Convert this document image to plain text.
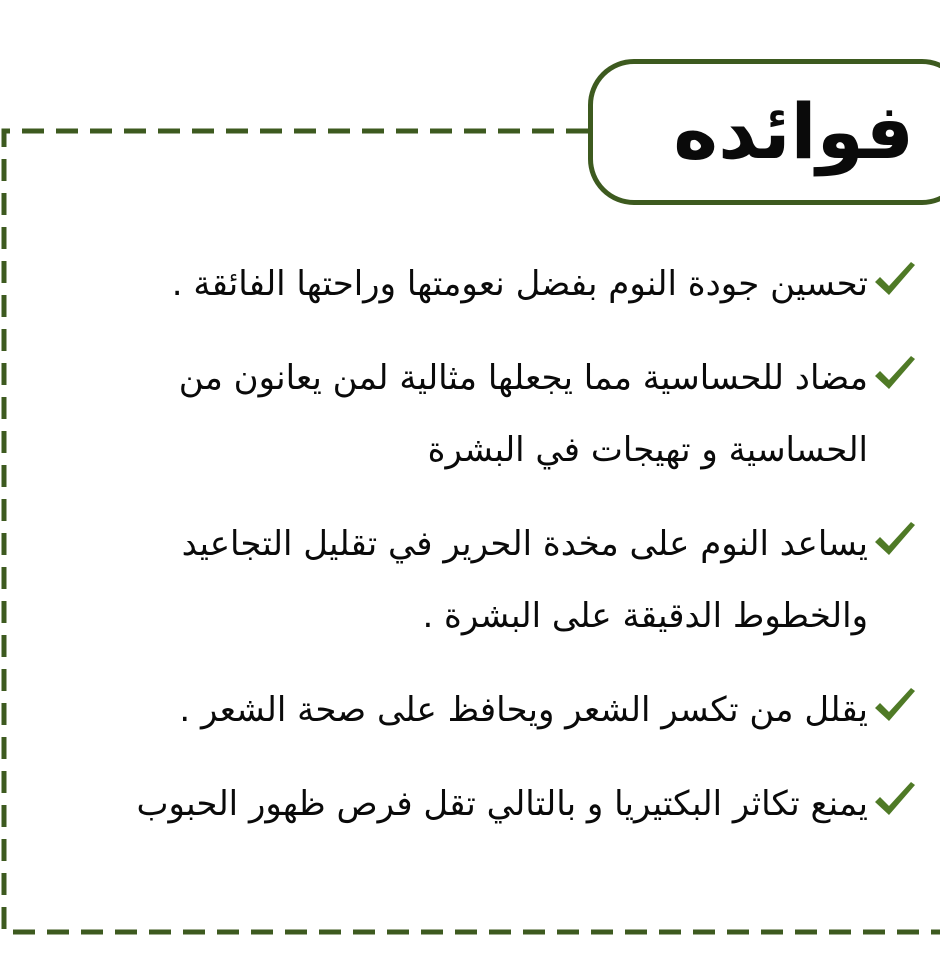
فوائده
تحسين جودة النوم بفضل نعومتها وراحتها الفائقة .
مضاد للحساسية مما يجعلها مثالية لمن يعانون من الحساسية و تهيجات في البشرة
يساعد النوم على مخدة الحرير في تقليل التجاعيد والخطوط الدقيقة على البشرة .
يقلل من تكسر الشعر ويحافظ على صحة الشعر .
يمنع تكاثر البكتيريا و بالتالي تقل فرص ظهور الحبوب
